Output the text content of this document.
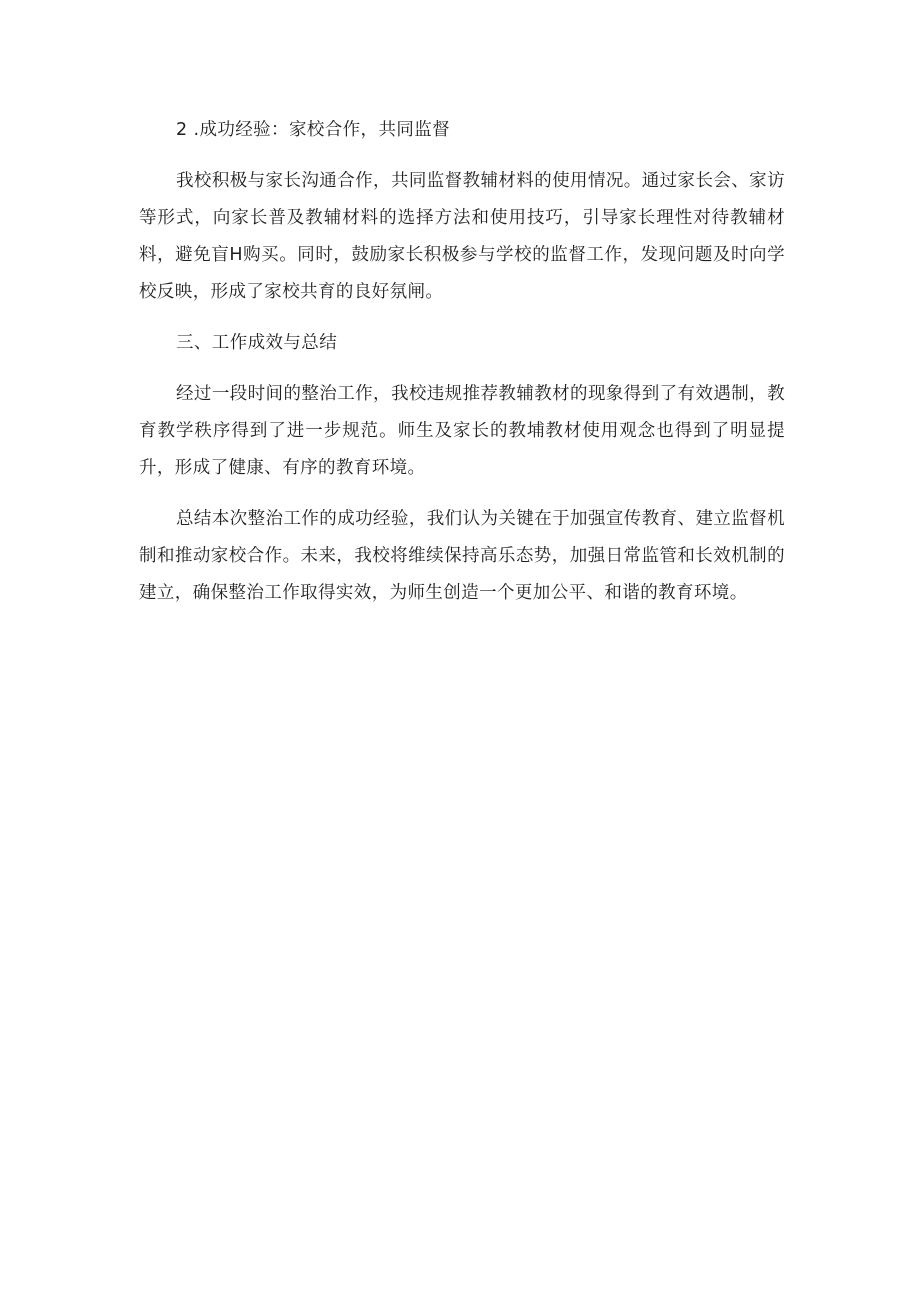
2 .成功经验：家校合作，共同监督

我校积极与家长沟通合作，共同监督教辅材料的使用情况。通过家长会、家访等形式，向家长普及教辅材料的选择方法和使用技巧，引导家长理性对待教辅材料，避免盲H购买。同时，鼓励家长积极参与学校的监督工作，发现问题及时向学校反映，形成了家校共育的良好氛闸。

三、工作成效与总结

经过一段时间的整治工作，我校违规推荐教辅教材的现象得到了有效遇制，教育教学秩序得到了进一步规范。师生及家长的教埔教材使用观念也得到了明显提升，形成了健康、有序的教育环境。

总结本次整治工作的成功经验，我们认为关键在于加强宣传教育、建立监督机制和推动家校合作。未来，我校将维续保持高乐态势，加强日常监管和长效机制的建立，确保整治工作取得实效，为师生创造一个更加公平、和谐的教育环境。
